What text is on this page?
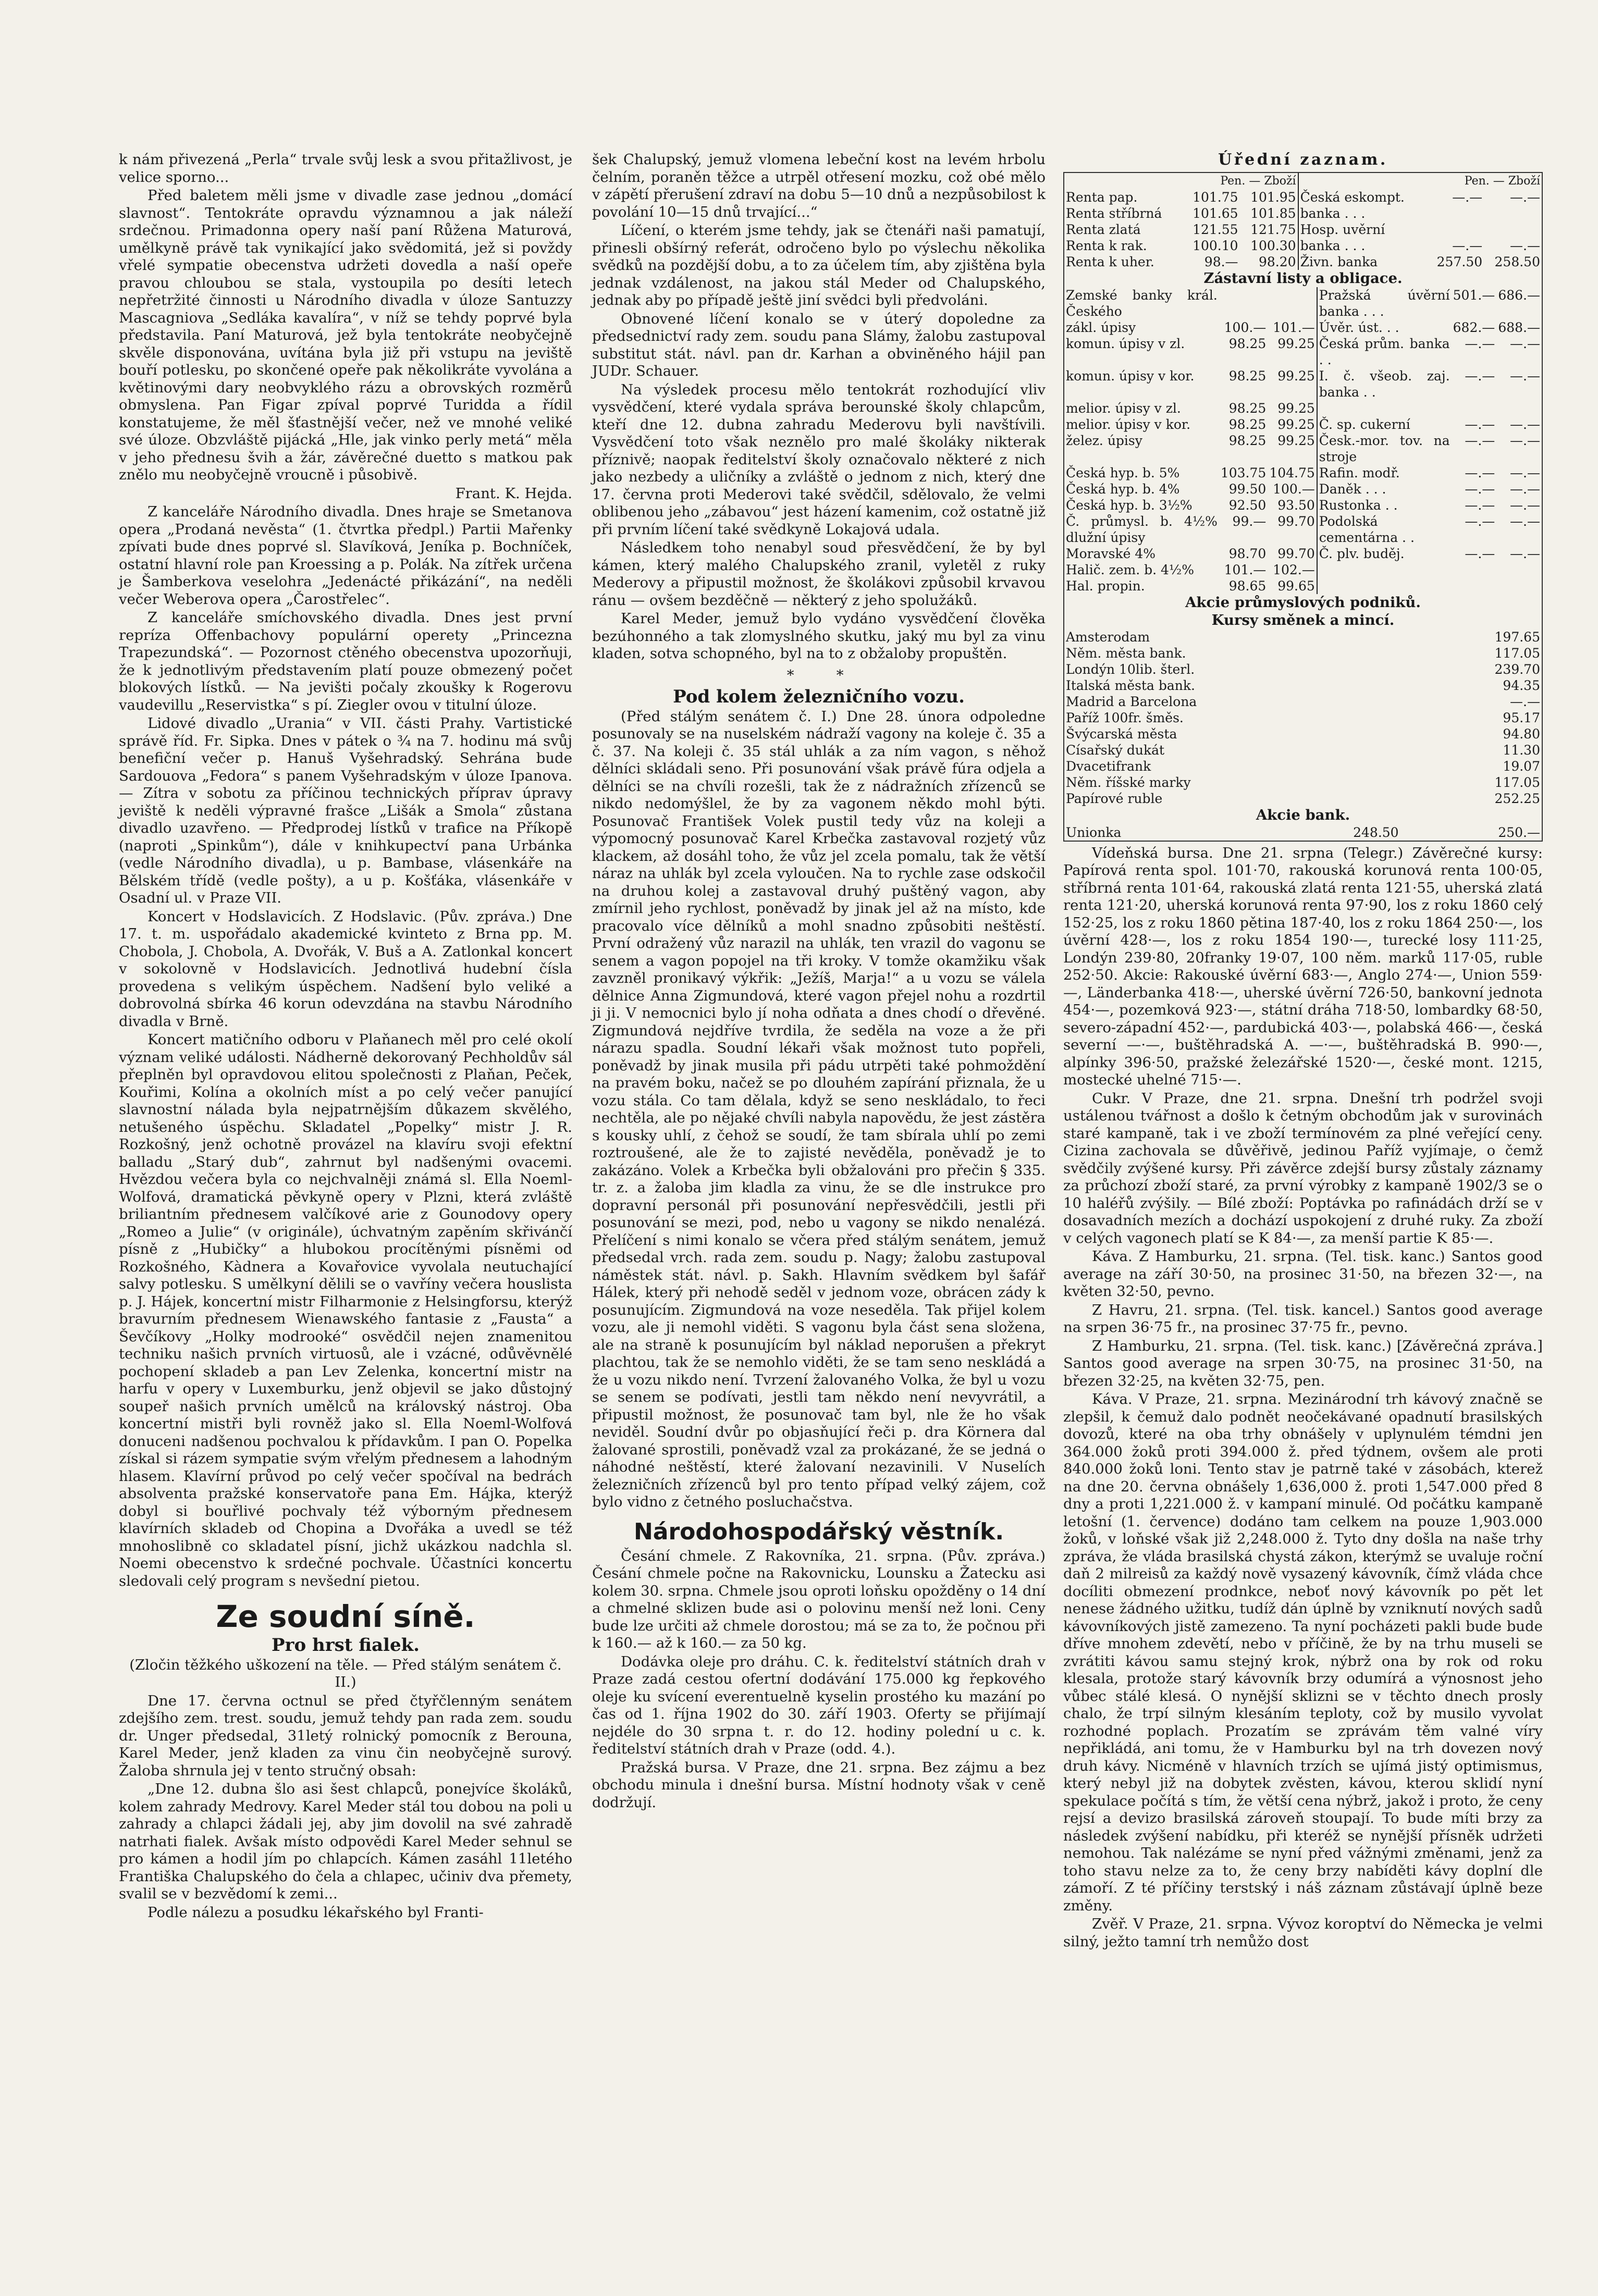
k nám přivezená „Perla“ trvale svůj lesk a svou přitažlivost, je velice sporno...

Před baletem měli jsme v divadle zase jednou „domácí slavnost“. Tentokráte opravdu významnou a jak náleží srdečnou. Primadonna opery naší paní Růžena Maturová, umělkyně právě tak vynikající jako svědomitá, jež si povždy vřelé sympatie obecenstva udržeti dovedla a naší opeře pravou chloubou se stala, vystoupila po desíti letech nepřetržité činnosti u Národního divadla v úloze Santuzzy Mascagniova „Sedláka kavalíra“, v níž se tehdy poprvé byla představila. Paní Maturová, jež byla tentokráte neobyčejně skvěle disponována, uvítána byla již při vstupu na jeviště bouří potlesku, po skončené opeře pak několikráte vyvolána a květinovými dary neobvyklého rázu a obrovských rozměrů obmyslena. Pan Figar zpíval poprvé Turidda a řídil konstatujeme, že měl šťastnější večer, než ve mnohé veliké své úloze. Obzvláště pijácká „Hle, jak vinko perly metá“ měla v jeho přednesu švih a žár, závěrečné duetto s matkou pak znělo mu neobyčejně vroucně i působivě.

Frant. K. Hejda.

Z kanceláře Národního divadla. Dnes hraje se Smetanova opera „Prodaná nevěsta“ (1. čtvrtka předpl.) Partii Mařenky zpívati bude dnes poprvé sl. Slavíková, Jeníka p. Bochníček, ostatní hlavní role pan Kroessing a p. Polák. Na zítřek určena je Šamberkova veselohra „Jedenácté přikázání“, na neděli večer Weberova opera „Čarostřelec“.

Z kanceláře smíchovského divadla. Dnes jest první repríza Offenbachovy populární operety „Princezna Trapezundská“. — Pozornost ctěného obecenstva upozorňuji, že k jednotlivým představením platí pouze obmezený počet blokových lístků. — Na jevišti počaly zkoušky k Rogerovu vaudevillu „Reservistka“ s pí. Ziegler ovou v titulní úloze.

Lidové divadlo „Urania“ v VII. části Prahy. Vartistické správě říd. Fr. Sipka. Dnes v pátek o ¾ na 7. hodinu má svůj benefiční večer p. Hanuš Vyšehradský. Sehrána bude Sardouova „Fedora“ s panem Vyšehradským v úloze Ipanova. — Zítra v sobotu za příčinou technických příprav úpravy jeviště k neděli výpravné frašce „Lišák a Smola“ zůstana divadlo uzavřeno. — Předprodej lístků v trafice na Příkopě (naproti „Spinkům“), dále v knihkupectví pana Urbánka (vedle Národního divadla), u p. Bambase, vlásenkáře na Bělském třídě (vedle pošty), a u p. Košťáka, vlásenkáře v Osadní ul. v Praze VII.

Koncert v Hodslavicích. Z Hodslavic. (Pův. zpráva.) Dne 17. t. m. uspořádalo akademické kvinteto z Brna pp. M. Chobola, J. Chobola, A. Dvořák, V. Buš a A. Zatlonkal koncert v sokolovně v Hodslavicích. Jednotlivá hudební čísla provedena s velikým úspěchem. Nadšení bylo veliké a dobrovolná sbírka 46 korun odevzdána na stavbu Národního divadla v Brně.

Koncert matičního odboru v Plaňanech měl pro celé okolí význam veliké události. Nádherně dekorovaný Pechholdův sál přeplněn byl opravdovou elitou společnosti z Plaňan, Peček, Kouřimi, Kolína a okolních míst a po celý večer panující slavnostní nálada byla nejpatrnějším důkazem skvělého, netušeného úspěchu. Skladatel „Popelky“ mistr J. R. Rozkošný, jenž ochotně provázel na klavíru svoji efektní balladu „Starý dub“, zahrnut byl nadšenými ovacemi. Hvězdou večera byla co nejchvalněji známá sl. Ella Noeml-Wolfová, dramatická pěvkyně opery v Plzni, která zvláště briliantním přednesem valčíkové arie z Gounodovy opery „Romeo a Julie“ (v originále), úchvatným zapěním skřivánčí písně z „Hubičky“ a hlubokou procítěnými písněmi od Rozkošného, Kàdnera a Kovařovice vyvolala neutuchající salvy potlesku. S umělkyní dělili se o vavříny večera houslista p. J. Hájek, koncertní mistr Filharmonie z Helsingforsu, kterýž bravurním přednesem Wienawského fantasie z „Fausta“ a Ševčíkovy „Holky modrooké“ osvědčil nejen znamenitou techniku našich prvních virtuosů, ale i vzácné, odůvěvnělé pochopení skladeb a pan Lev Zelenka, koncertní mistr na harfu v opery v Luxemburku, jenž objevil se jako důstojný soupeř našich prvních umělců na královský nástroj. Oba koncertní mistři byli rovněž jako sl. Ella Noeml-Wolfová donuceni nadšenou pochvalou k přídavkům. I pan O. Popelka získal si rázem sympatie svým vřelým přednesem a lahodným hlasem. Klavírní průvod po celý večer spočíval na bedrách absolventa pražské konservatoře pana Em. Hájka, kterýž dobyl si bouřlivé pochvaly též výborným přednesem klavírních skladeb od Chopina a Dvořáka a uvedl se též mnohoslibně co skladatel písní, jichž ukázkou nadchla sl. Noemi obecenstvo k srdečné pochvale. Účastníci koncertu sledovali celý program s nevšední pietou.

Ze soudní síně.
Pro hrst fialek.

(Zločin těžkého uškození na těle. — Před stálým senátem č. II.)

Dne 17. června octnul se před čtyřčlenným senátem zdejšího zem. trest. soudu, jemuž tehdy pan rada zem. soudu dr. Unger předsedal, 31letý rolnický pomocník z Berouna, Karel Meder, jenž kladen za vinu čin neobyčejně surový. Žaloba shrnula jej v tento stručný obsah:

„Dne 12. dubna šlo asi šest chlapců, ponejvíce školáků, kolem zahrady Medrovy. Karel Meder stál tou dobou na poli u zahrady a chlapci žádali jej, aby jim dovolil na své zahradě natrhati fialek. Avšak místo odpovědi Karel Meder sehnul se pro kámen a hodil jím po chlapcích. Kámen zasáhl 11letého Františka Chalupského do čela a chlapec, učiniv dva přemety, svalil se v bezvědomí k zemi...

Podle nálezu a posudku lékařského byl Franti-

šek Chalupský, jemuž vlomena lebeční kost na levém hrbolu čelním, poraněn těžce a utrpěl otřesení mozku, což obé mělo v zápětí přerušení zdraví na dobu 5—10 dnů a nezpůsobilost k povolání 10—15 dnů trvající...“

Líčení, o kterém jsme tehdy, jak se čtenáři naši pamatují, přinesli obšírný referát, odročeno bylo po výslechu několika svědků na pozdější dobu, a to za účelem tím, aby zjištěna byla jednak vzdálenost, na jakou stál Meder od Chalupského, jednak aby po případě ještě jiní svědci byli předvoláni.

Obnovené líčení konalo se v úterý dopoledne za předsednictví rady zem. soudu pana Slámy, žalobu zastupoval substitut stát. návl. pan dr. Karhan a obviněného hájil pan JUDr. Schauer.

Na výsledek procesu mělo tentokrát rozhodující vliv vysvědčení, které vydala správa berounské školy chlapcům, kteří dne 12. dubna zahradu Mederovu byli navštívili. Vysvědčení toto však neznělo pro malé školáky nikterak příznivě; naopak ředitelství školy označovalo některé z nich jako nezbedy a uličníky a zvláště o jednom z nich, který dne 17. června proti Mederovi také svědčil, sdělovalo, že velmi oblibenou jeho „zábavou“ jest házení kamenim, což ostatně již při prvním líčení také svědkyně Lokajová udala.

Následkem toho nenabyl soud přesvědčení, že by byl kámen, který malého Chalupského zranil, vyletěl z ruky Mederovy a připustil možnost, že školákovi způsobil krvavou ránu — ovšem bezděčně — některý z jeho spolužáků.

Karel Meder, jemuž bylo vydáno vysvědčení člověka bezúhonného a tak zlomyslného skutku, jaký mu byl za vinu kladen, sotva schopného, byl na to z obžaloby propuštěn.

*   *
Pod kolem železničního vozu.

(Před stálým senátem č. I.) Dne 28. února odpoledne posunovaly se na nuselském nádraží vagony na koleje č. 35 a č. 37. Na koleji č. 35 stál uhlák a za ním vagon, s něhož dělníci skládali seno. Při posunování však právě fúra odjela a dělníci se na chvíli rozešli, tak že z nádražních zřízenců se nikdo nedomýšlel, že by za vagonem někdo mohl býti. Posunovač František Volek pustil tedy vůz na koleji a výpomocný posunovač Karel Krbečka zastavoval rozjetý vůz klackem, až dosáhl toho, že vůz jel zcela pomalu, tak že větší náraz na uhlák byl zcela vyloučen. Na to rychle zase odskočil na druhou kolej a zastavoval druhý puštěný vagon, aby zmírnil jeho rychlost, poněvadž by jinak jel až na místo, kde pracovalo více dělníků a mohl snadno způsobiti neštěstí. První odražený vůz narazil na uhlák, ten vrazil do vagonu se senem a vagon popojel na tři kroky. V tomže okamžiku však zavzněl pronikavý výkřik: „Ježíš, Marja!“ a u vozu se válela dělnice Anna Zigmundová, které vagon přejel nohu a rozdrtil ji ji. V nemocnici bylo jí noha odňata a dnes chodí o dřevěné. Zigmundová nejdříve tvrdila, že seděla na voze a že při nárazu spadla. Soudní lékaři však možnost tuto popřeli, poněvadž by jinak musila při pádu utrpěti také pohmoždění na pravém boku, načež se po dlouhém zapírání přiznala, že u vozu stála. Co tam dělala, když se seno neskládalo, to řeci nechtěla, ale po nějaké chvíli nabyla napovědu, že jest zástěra s kousky uhlí, z čehož se soudí, že tam sbírala uhlí po zemi roztroušené, ale že to zajisté nevěděla, poněvadž je to zakázáno. Volek a Krbečka byli obžalováni pro přečin § 335. tr. z. a žaloba jim kladla za vinu, že se dle instrukce pro dopravní personál při posunování nepřesvědčili, jestli při posunování se mezi, pod, nebo u vagony se nikdo nenalézá. Přelíčení s nimi konalo se včera před stálým senátem, jemuž předsedal vrch. rada zem. soudu p. Nagy; žalobu zastupoval náměstek stát. návl. p. Sakh. Hlavním svědkem byl šafář Hálek, který při nehodě seděl v jednom voze, obrácen zády k posunujícím. Zigmundová na voze neseděla. Tak přijel kolem vozu, ale ji nemohl viděti. S vagonu byla část sena složena, ale na straně k posunujícím byl náklad neporušen a překryt plachtou, tak že se nemohlo viděti, že se tam seno neskládá a že u vozu nikdo není. Tvrzení žalovaného Volka, že byl u vozu se senem se podívati, jestli tam někdo není nevyvrátil, a připustil možnost, že posunovač tam byl, nle že ho však neviděl. Soudní dvůr po objasňující řeči p. dra Körnera dal žalované sprostili, poněvadž vzal za prokázané, že se jedná o náhodné neštěstí, které žalovaní nezavinili. V Nuselích železničních zřízenců byl pro tento případ velký zájem, což bylo vidno z četného posluchačstva.

Národohospodářský věstník.

Česání chmele. Z Rakovníka, 21. srpna. (Pův. zpráva.) Česání chmele počne na Rakovnicku, Lounsku a Žatecku asi kolem 30. srpna. Chmele jsou oproti loňsku opožděny o 14 dní a chmelné sklizen bude asi o polovinu menší než loni. Ceny bude lze určiti až chmele dorostou; má se za to, že počnou při k 160.— až k 160.— za 50 kg.

Dodávka oleje pro dráhu. C. k. ředitelství státních drah v Praze zadá cestou ofertní dodávání 175.000 kg řepkového oleje ku svícení everentuelně kyselin prostého ku mazání po čas od 1. října 1902 do 30. září 1903. Oferty se přijímají nejdéle do 30 srpna t. r. do 12. hodiny polední u c. k. ředitelství státních drah v Praze (odd. 4.).

Pražská bursa. V Praze, dne 21. srpna. Bez zájmu a bez obchodu minula i dnešní bursa. Místní hodnoty však v ceně dodržují.

Úřední zaznam.
	Pen. — Zboží			Pen. — Zboží	
Renta pap.	101.75	101.95	Česká eskompt.	—.—	—.—
Renta stříbrná	101.65	101.85	banka . . .		
Renta zlatá	121.55	121.75	Hosp. uvěrní		
Renta k rak.	100.10	100.30	banka . . .	—.—	—.—
Renta k uher.	98.—	98.20	Živn. banka	257.50	258.50
Zástavní listy a obligace.
Zemské banky král. Českého			Pražská úvěrní banka . . .	501.—	686.—
zákl. úpisy	100.—	101.—	Úvěr. úst. . .	682.—	688.—
komun. úpisy v zl.	98.25	99.25	Česká prům. banka . .	—.—	—.—
komun. úpisy v kor.	98.25	99.25	I. č. všeob. zaj. banka . .	—.—	—.—
melior. úpisy v zl.	98.25	99.25			
melior. úpisy v kor.	98.25	99.25	Č. sp. cukerní	—.—	—.—
želez. úpisy	98.25	99.25	Česk.-mor. tov. na stroje	—.—	—.—
Česká hyp. b. 5%	103.75	104.75	Rafin. modř.	—.—	—.—
Česká hyp. b. 4%	99.50	100.—	Daněk . . .	—.—	—.—
Česká hyp. b. 3½%	92.50	93.50	Rustonka . .	—.—	—.—
Č. průmysl. b. 4½% dlužní úpisy	99.—	99.70	Podolská cementárna . .	—.—	—.—
Moravské 4%	98.70	99.70	Č. plv. buděj.	—.—	—.—
Halič. zem. b. 4½%	101.—	102.—			
Hal. propin.	98.65	99.65			
Akcie průmyslových podniků.
Kursy směnek a mincí.
Amsterodam	197.65
Něm. města bank.	117.05
Londýn 10lib. šterl.	239.70
Italská města bank.	94.35
Madrid a Barcelona	—.—
Paříž 100fr. šměs.	95.17
Švýcarská města	94.80
Císařský dukát	11.30
Dvacetifrank	19.07
Něm. říšské marky	117.05
Papírové ruble	252.25
Akcie bank.
Unionka	248.50	250.—

Vídeňská bursa. Dne 21. srpna (Telegr.) Závěrečné kursy: Papírová renta spol. 101·70, rakouská korunová renta 100·05, stříbrná renta 101·64, rakouská zlatá renta 121·55, uherská zlatá renta 121·20, uherská korunová renta 97·90, los z roku 1860 celý 152·25, los z roku 1860 pětina 187·40, los z roku 1864 250·—, los úvěrní 428·—, los z roku 1854 190·—, turecké losy 111·25, Londýn 239·80, 20franky 19·07, 100 něm. marků 117·05, ruble 252·50. Akcie: Rakouské úvěrní 683·—, Anglo 274·—, Union 559·—, Länderbanka 418·—, uherské úvěrní 726·50, bankovní jednota 454·—, pozemková 923·—, státní dráha 718·50, lombardky 68·50, severo-západní 452·—, pardubická 403·—, polabská 466·—, česká severní —·—, buštěhradská A. —·—, buštěhradská B. 990·—, alpínky 396·50, pražské železářské 1520·—, české mont. 1215, mostecké uhelné 715·—.

Cukr. V Praze, dne 21. srpna. Dnešní trh podržel svoji ustálenou tvářnost a došlo k četným obchodům jak v surovinách staré kampaně, tak i ve zboží termínovém za plné veřející ceny. Cizina zachovala se důvěřivě, jedinou Paříž vyjímaje, o čemž svědčily zvýšené kursy. Při závěrce zdejší bursy zůstaly záznamy za průchozí zboží staré, za první výrobky z kampaně 1902/3 se o 10 haléřů zvýšily. — Bílé zboží: Poptávka po rafinádách drží se v dosavadních mezích a dochází uspokojení z druhé ruky. Za zboží v celých vagonech platí se K 84·—, za menší partie K 85·—.

Káva. Z Hamburku, 21. srpna. (Tel. tisk. kanc.) Santos good average na září 30·50, na prosinec 31·50, na březen 32·—, na květen 32·50, pevno.

Z Havru, 21. srpna. (Tel. tisk. kancel.) Santos good average na srpen 36·75 fr., na prosinec 37·75 fr., pevno.

Z Hamburku, 21. srpna. (Tel. tisk. kanc.) [Závěrečná zpráva.] Santos good average na srpen 30·75, na prosinec 31·50, na březen 32·25, na květen 32·75, pen.

Káva. V Praze, 21. srpna. Mezinárodní trh kávový značně se zlepšil, k čemuž dalo podnět neočekávané opadnutí brasilských dovozů, které na oba trhy obnášely v uplynulém témdni jen 364.000 žoků proti 394.000 ž. před týdnem, ovšem ale proti 840.000 žoků loni. Tento stav je patrně také v zásobách, kterež na dne 20. června obnášely 1,636,000 ž. proti 1,547.000 před 8 dny a proti 1,221.000 ž. v kampaní minulé. Od počátku kampaně letošní (1. července) dodáno tam celkem na pouze 1,903.000 žoků, v loňské však již 2,248.000 ž. Tyto dny došla na naše trhy zpráva, že vláda brasilská chystá zákon, kterýmž se uvaluje roční daň 2 milreisů za každý nově vysazený kávovník, čímž vláda chce docíliti obmezení prodnkce, neboť nový kávovník po pět let nenese žádného užitku, tudíž dán úplně by vzniknutí nových sadů kávovníkových jistě zamezeno. Ta nyní pocházeti pakli bude bude dříve mnohem zdevětí, nebo v příčině, že by na trhu museli se zvrátiti kávou samu stejný krok, nýbrž ona by rok od roku klesala, protože starý kávovník brzy odumírá a výnosnost jeho vůbec stálé klesá. O nynější sklizni se v těchto dnech prosly chalo, že trpí silným klesáním teploty, což by musilo vyvolat rozhodné poplach. Prozatím se zprávám těm valné víry nepřikládá, ani tomu, že v Hamburku byl na trh dovezen nový druh kávy. Nicméně v hlavních trzích se ujímá jistý optimismus, který nebyl již na dobytek zvěsten, kávou, kterou sklidí nyní spekulace počítá s tím, že větší cena nýbrž, jakož i proto, že ceny rejsí a devizo brasilská zároveň stoupají. To bude míti brzy za následek zvýšení nabídku, při kteréž se nynější přísněk udržeti nemohou. Tak nalézáme se nyní před vážnými změnami, jenž za toho stavu nelze za to, že ceny brzy nabíděti kávy doplní dle zámoří. Z té příčiny terstský i náš záznam zůstávají úplně beze změny.

Zvěř. V Praze, 21. srpna. Vývoz koroptví do Německa je velmi silný, ježto tamní trh nemůžo dost
